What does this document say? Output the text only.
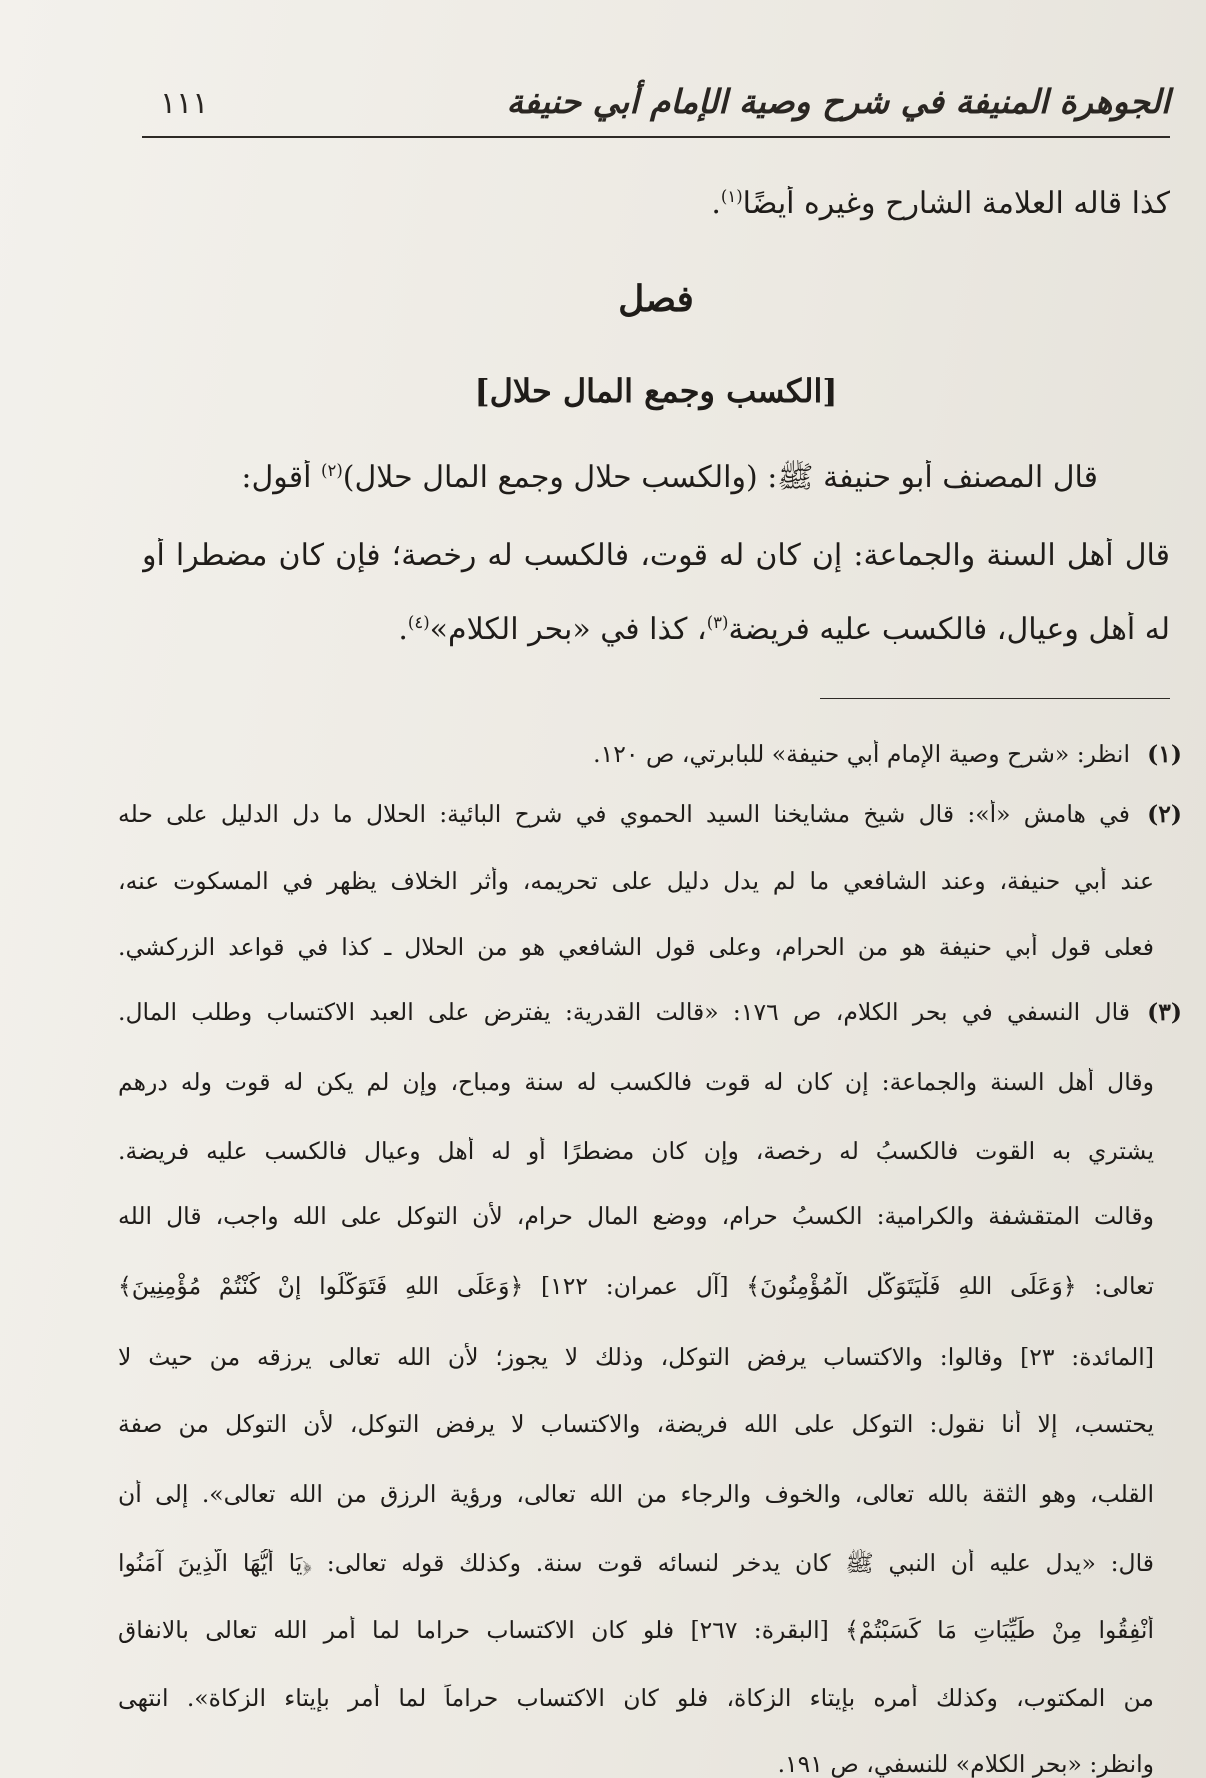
الجوهرة المنيفة في شرح وصية الإمام أبي حنيفة
١١١
كذا قاله العلامة الشارح وغيره أيضًا$^{(١)}$.
فصل
[الكسب وجمع المال حلال]
قال المصنف أبو حنيفة ﷺ: (والكسب حلال وجمع المال حلال)$^{(٢)}$ أقول:
قال أهل السنة والجماعة: إن كان له قوت، فالكسب له رخصة؛ فإن كان مضطرا أو
له أهل وعيال، فالكسب عليه فريضة$^{(٣)}$، كذا في «بحر الكلام»$^{(٤)}$.
(١)انظر: «شرح وصية الإمام أبي حنيفة» للبابرتي، ص ١٢٠.
(٢)في هامش «أ»: قال شيخ مشايخنا السيد الحموي في شرح البائية: الحلال ما دل الدليل على حله
عند أبي حنيفة، وعند الشافعي ما لم يدل دليل على تحريمه، وأثر الخلاف يظهر في المسكوت عنه،
فعلى قول أبي حنيفة هو من الحرام، وعلى قول الشافعي هو من الحلال ـ كذا في قواعد الزركشي.
(٣)قال النسفي في بحر الكلام، ص ١٧٦: «قالت القدرية: يفترض على العبد الاكتساب وطلب المال.
وقال أهل السنة والجماعة: إن كان له قوت فالكسب له سنة ومباح، وإن لم يكن له قوت وله درهم
يشتري به القوت فالكسبُ له رخصة، وإن كان مضطرًا أو له أهل وعيال فالكسب عليه فريضة.
وقالت المتقشفة والكرامية: الكسبُ حرام، ووضع المال حرام، لأن التوكل على الله واجب، قال الله
تعالى: ﴿وَعَلَى اللهِ فَلْيَتَوَكَّلِ الْمُؤْمِنُونَ﴾ [آل عمران: ١٢٢] ﴿وَعَلَى اللهِ فَتَوَكَّلُوا إِنْ كُنْتُمْ مُؤْمِنِينَ﴾
[المائدة: ٢٣] وقالوا: والاكتساب يرفض التوكل، وذلك لا يجوز؛ لأن الله تعالى يرزقه من حيث لا
يحتسب، إلا أنا نقول: التوكل على الله فريضة، والاكتساب لا يرفض التوكل، لأن التوكل من صفة
القلب، وهو الثقة بالله تعالى، والخوف والرجاء من الله تعالى، ورؤية الرزق من الله تعالى». إلى أن
قال: «يدل عليه أن النبي ﷺ كان يدخر لنسائه قوت سنة. وكذلك قوله تعالى: ﴿يَا أَيُّهَا الَّذِينَ آمَنُوا
أَنْفِقُوا مِنْ طَيِّبَاتِ مَا كَسَبْتُمْ﴾ [البقرة: ٢٦٧] فلو كان الاكتساب حراما لما أمر الله تعالى بالانفاق
من المكتوب، وكذلك أمره بإيتاء الزكاة، فلو كان الاكتساب حراماً لما أمر بإيتاء الزكاة». انتهى
وانظر: «بحر الكلام» للنسفي، ص ١٩١.
